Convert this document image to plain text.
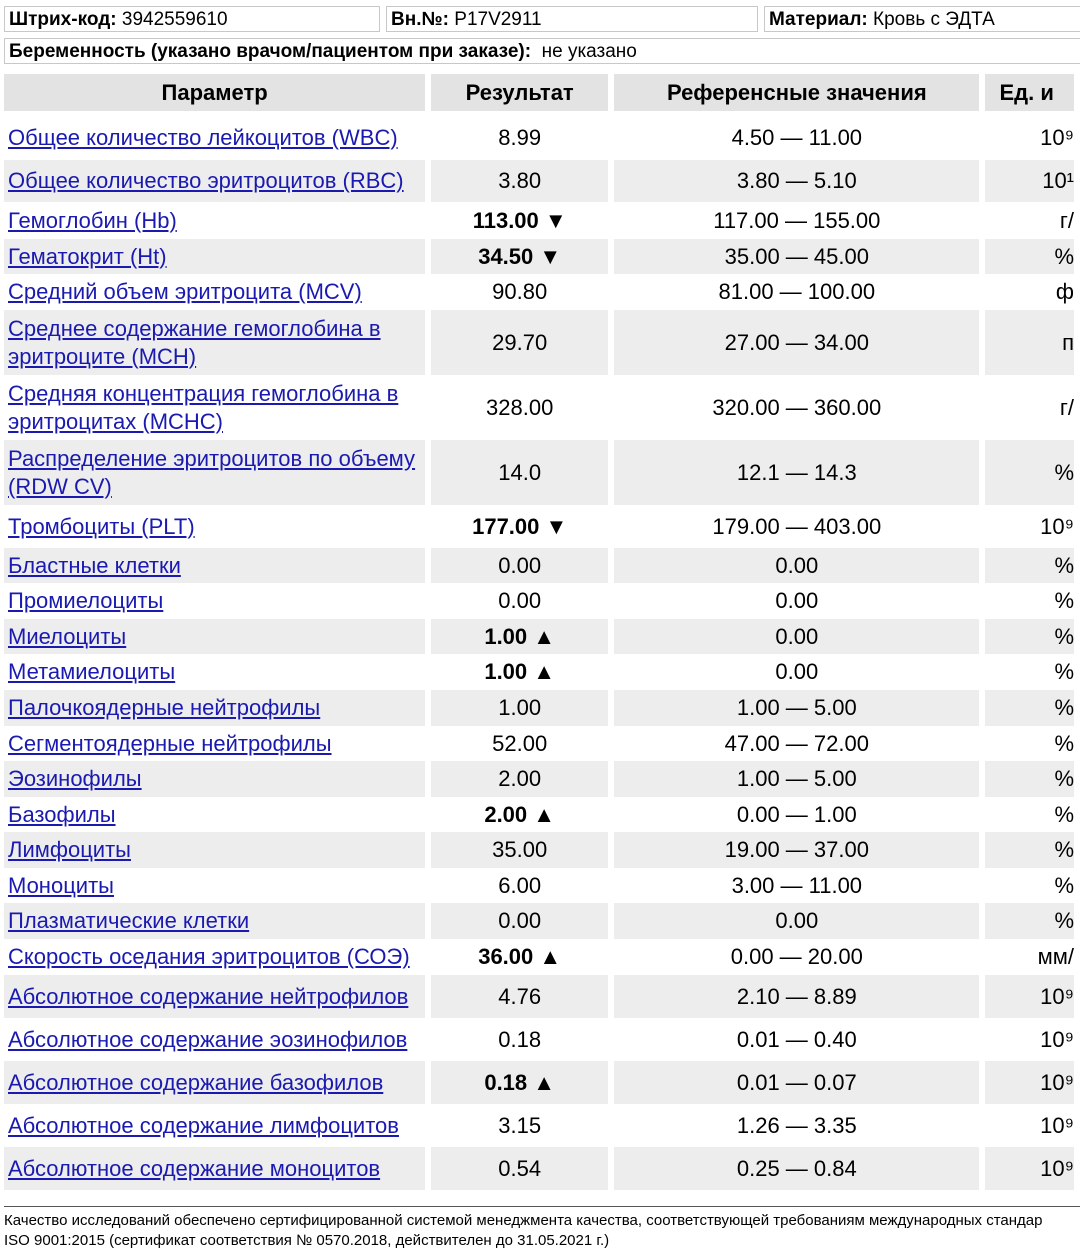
Штрих-код: 3942559610	Вн.№: P17V2911	Материал: Кровь с ЭДТА
Беременность (указано врачом/пациентом при заказе): не указано
Параметр	Результат	Референсные значения	Ед. и
Общее количество лейкоцитов (WBC)	8.99	4.50 — 11.00	10⁹
Общее количество эритроцитов (RBC)	3.80	3.80 — 5.10	10¹
Гемоглобин (Hb)	113.00 ▼	117.00 — 155.00	г/
Гематокрит (Ht)	34.50 ▼	35.00 — 45.00	%
Средний объем эритроцита (MCV)	90.80	81.00 — 100.00	ф
Среднее содержание гемоглобина в эритроците (MCH)	29.70	27.00 — 34.00	п
Средняя концентрация гемоглобина в эритроцитах (MCHC)	328.00	320.00 — 360.00	г/
Распределение эритроцитов по объему (RDW CV)	14.0	12.1 — 14.3	%
Тромбоциты (PLT)	177.00 ▼	179.00 — 403.00	10⁹
Бластные клетки	0.00	0.00	%
Промиелоциты	0.00	0.00	%
Миелоциты	1.00 ▲	0.00	%
Метамиелоциты	1.00 ▲	0.00	%
Палочкоядерные нейтрофилы	1.00	1.00 — 5.00	%
Сегментоядерные нейтрофилы	52.00	47.00 — 72.00	%
Эозинофилы	2.00	1.00 — 5.00	%
Базофилы	2.00 ▲	0.00 — 1.00	%
Лимфоциты	35.00	19.00 — 37.00	%
Моноциты	6.00	3.00 — 11.00	%
Плазматические клетки	0.00	0.00	%
Скорость оседания эритроцитов (СОЭ)	36.00 ▲	0.00 — 20.00	мм/
Абсолютное содержание нейтрофилов	4.76	2.10 — 8.89	10⁹
Абсолютное содержание эозинофилов	0.18	0.01 — 0.40	10⁹
Абсолютное содержание базофилов	0.18 ▲	0.01 — 0.07	10⁹
Абсолютное содержание лимфоцитов	3.15	1.26 — 3.35	10⁹
Абсолютное содержание моноцитов	0.54	0.25 — 0.84	10⁹
Качество исследований обеспечено сертифицированной системой менеджмента качества, соответствующей требованиям международных стандар
ISO 9001:2015 (сертификат соответствия № 0570.2018, действителен до 31.05.2021 г.)
